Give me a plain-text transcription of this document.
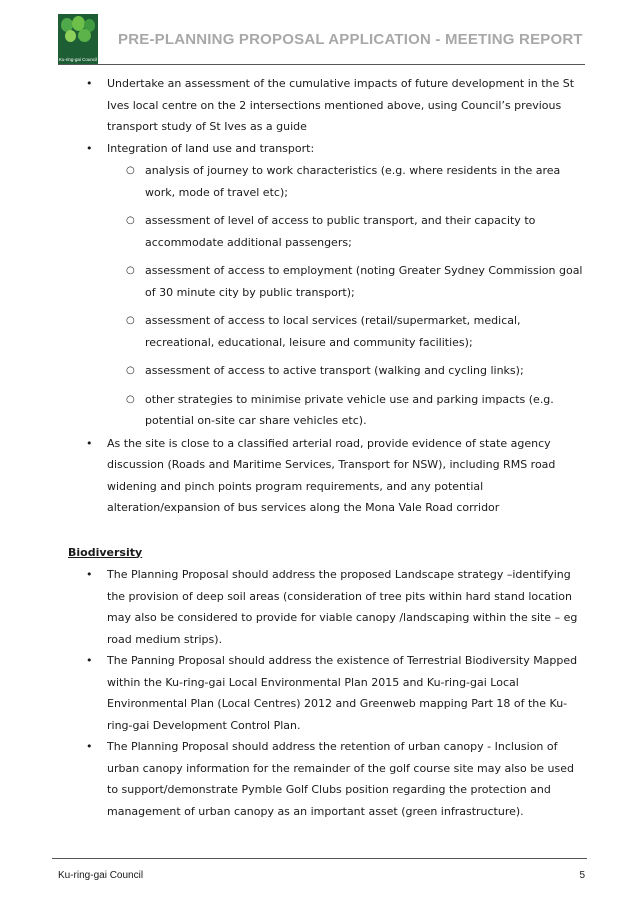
Ku-ring-gai Council
PRE-PLANNING PROPOSAL APPLICATION - MEETING REPORT
• Undertake an assessment of the cumulative impacts of future development in the St Ives local centre on the 2 intersections mentioned above, using Council’s previous transport study of St Ives as a guide
• Integration of land use and transport:
○ analysis of journey to work characteristics (e.g. where residents in the area work, mode of travel etc);
○ assessment of level of access to public transport, and their capacity to accommodate additional passengers;
○ assessment of access to employment (noting Greater Sydney Commission goal of 30 minute city by public transport);
○ assessment of access to local services (retail/supermarket, medical, recreational, educational, leisure and community facilities);
○ assessment of access to active transport (walking and cycling links);
○ other strategies to minimise private vehicle use and parking impacts (e.g. potential on-site car share vehicles etc).
• As the site is close to a classified arterial road, provide evidence of state agency discussion (Roads and Maritime Services, Transport for NSW), including RMS road widening and pinch points program requirements, and any potential alteration/expansion of bus services along the Mona Vale Road corridor
Biodiversity
• The Planning Proposal should address the proposed Landscape strategy –identifying the provision of deep soil areas (consideration of tree pits within hard stand location may also be considered to provide for viable canopy /landscaping within the site – eg road medium strips).
• The Panning Proposal should address the existence of Terrestrial Biodiversity Mapped within the Ku-ring-gai Local Environmental Plan 2015 and Ku-ring-gai Local Environmental Plan (Local Centres) 2012 and Greenweb mapping Part 18 of the Ku-ring-gai Development Control Plan.
• The Planning Proposal should address the retention of urban canopy - Inclusion of urban canopy information for the remainder of the golf course site may also be used to support/demonstrate Pymble Golf Clubs position regarding the protection and management of urban canopy as an important asset (green infrastructure).
Ku-ring-gai Council	5
